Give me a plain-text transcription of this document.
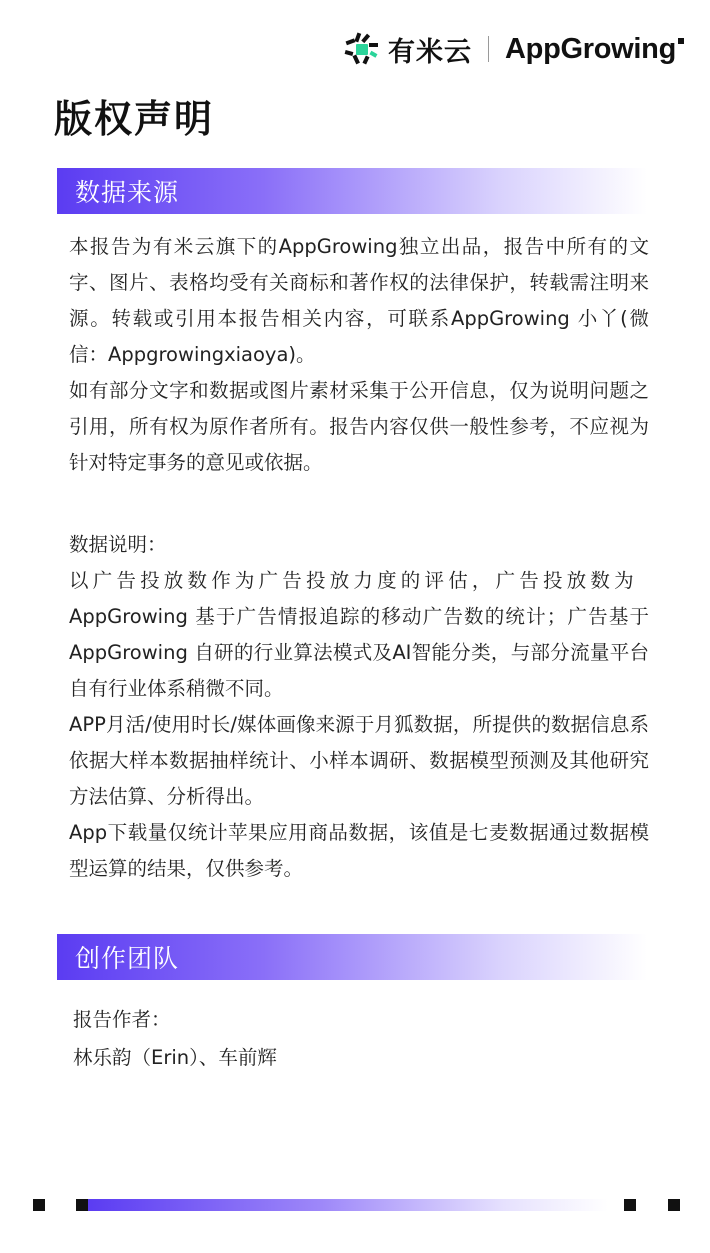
有米云 AppGrowing
版权声明
数据来源

本报告为有米云旗下的AppGrowing独立出品，报告中所有的文字、图片、表格均受有关商标和著作权的法律保护，转载需注明来源。转载或引用本报告相关内容，可联系AppGrowing 小丫(微信：Appgrowingxiaoya)。

如有部分文字和数据或图片素材采集于公开信息，仅为说明问题之引用，所有权为原作者所有。报告内容仅供一般性参考，不应视为针对特定事务的意见或依据。

数据说明：

以广告投放数作为广告投放力度的评估，广告投放数为

AppGrowing 基于广告情报追踪的移动广告数的统计；广告基于AppGrowing 自研的行业算法模式及AI智能分类，与部分流量平台自有行业体系稍微不同。

APP月活/使用时长/媒体画像来源于月狐数据，所提供的数据信息系依据大样本数据抽样统计、小样本调研、数据模型预测及其他研究方法估算、分析得出。

App下载量仅统计苹果应用商品数据，该值是七麦数据通过数据模型运算的结果，仅供参考。

创作团队
报告作者：
林乐韵（Erin）、车前辉
